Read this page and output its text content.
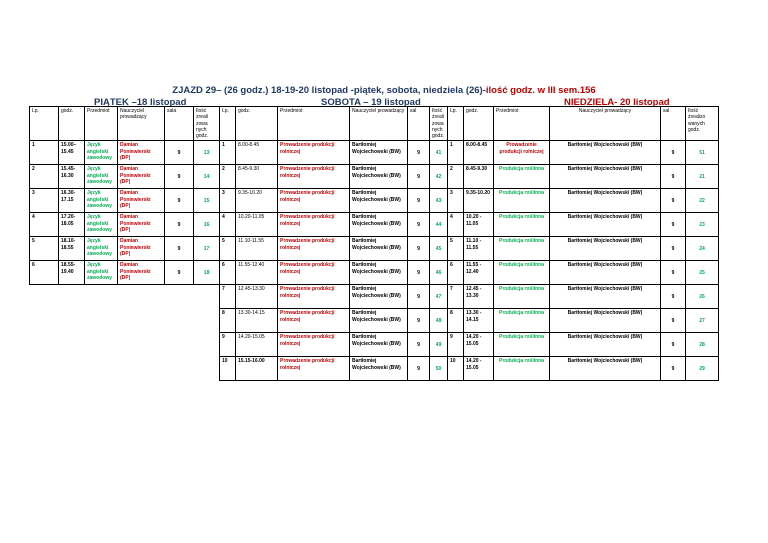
ZJAZD 29– (26 godz.) 18-19-20 listopad -piątek, sobota, niedziela (26)-ilość godz. w III sem.156
PIĄTEK –18 listopad	SOBOTA – 19 listopad	NIEDZIELA- 20 listopad
Lp.	godz.	Przedmiot	Nauczyciel prowadzący	sala	Ilość zreali zowa nych godz.	Lp.	godz.	Przedmiot	Nauczyciel prowadzący	sal	Ilość zreali zowa nych godz.	Lp.	godz.	Przedmiot	Nauczyciel prowadzący	sal	Ilość zrealizo wanych godz.
1	15.00–15.45	Język angielski zawodowy	Damian Poniewierski (DP)	9	13	1	8.00-8.45	Prowadzenie produkcji rolniczej	Bartłomiej Wojciechowski (BW)	9	41	1	8.00-8.45	Prowadzenie produkcji rolniczej	Bartłomiej Wojciechowski (BW)	9	51
2	15.45-16.30	Język angielski zawodowy	Damian Poniewierski (DP)	9	14	2	8.45-9.30	Prowadzenie produkcji rolniczej	Bartłomiej Wojciechowski (BW)	9	42	2	8.45-9.30	Produkcja roślinna	Bartłomiej Wojciechowski (BW)	9	21
3	16.30-17.15	Język angielski zawodowy	Damian Poniewierski (DP)	9	15	3	9.35-10.20	Prowadzenie produkcji rolniczej	Bartłomiej Wojciechowski (BW)	9	43	3	9.35-10.20	Produkcja roślinna	Bartłomiej Wojciechowski (BW)	9	22
4	17.20-18.05	Język angielski zawodowy	Damian Poniewierski (DP)	9	16	4	10.20-11.05	Prowadzenie produkcji rolniczej	Bartłomiej Wojciechowski (BW)	9	44	4	10.20 - 11.05	Produkcja roślinna	Bartłomiej Wojciechowski (BW)	9	23
5	18.10-18.55	Język angielski zawodowy	Damian Poniewierski (DP)	9	17	5	11.10-11.55	Prowadzenie produkcji rolniczej	Bartłomiej Wojciechowski (BW)	9	45	5	11.10 - 11.55	Produkcja roślinna	Bartłomiej Wojciechowski (BW)	9	24
6	18.55-19.40	Język angielski zawodowy	Damian Poniewierski (DP)	9	18	6	11.55-12.40	Prowadzenie produkcji rolniczej	Bartłomiej Wojciechowski (BW)	9	46	6	11.55 - 12.40	Produkcja roślinna	Bartłomiej Wojciechowski (BW)	9	25
						7	12.45-13.30	Prowadzenie produkcji rolniczej	Bartłomiej Wojciechowski (BW)	9	47	7	12.45 - 13.30	Produkcja roślinna	Bartłomiej Wojciechowski (BW)	9	26
						8	13.30-14.15	Prowadzenie produkcji rolniczej	Bartłomiej Wojciechowski (BW)	9	48	8	13.30 - 14.15	Produkcja roślinna	Bartłomiej Wojciechowski (BW)	9	27
						9	14.20-15.05	Prowadzenie produkcji rolniczej	Bartłomiej Wojciechowski (BW)	9	49	9	14.20 - 15.05	Produkcja roślinna	Bartłomiej Wojciechowski (BW)	9	28
						10	15.15-16.00	Prowadzenie produkcji rolniczej	Bartłomiej Wojciechowski (BW)	9	50	10	14.20 - 15.05	Produkcja roślinna	Bartłomiej Wojciechowski (BW)	9	29
